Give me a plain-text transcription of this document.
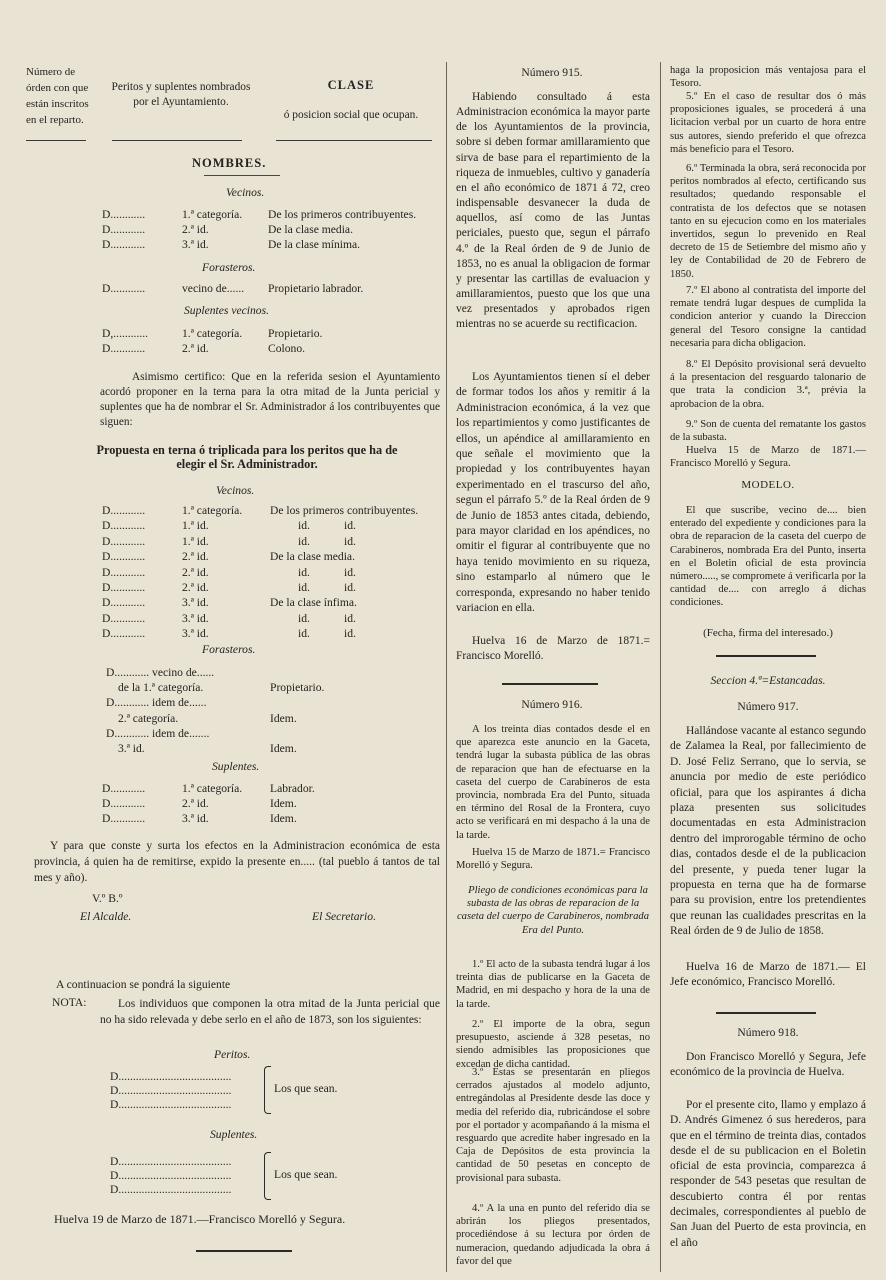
Número de órden con que están inscritos en el reparto.
Peritos y suplentes nombrados por el Ayuntamiento.
CLASE
ó posicion social que ocupan.
NOMBRES.
Vecinos.
D............	1.ª categoría. De los primeros contribuyentes.
D............	2.ª id.	De la clase media.
D............	3.ª id.	De la clase mínima.
Forasteros.
D............	vecino de...... Propietario labrador.
Suplentes vecinos.
D,............	1.ª categoría. Propietario.
D............	2.ª id.	Colono.
Asimismo certifico: Que en la referida sesion el Ayuntamiento acordó proponer en la terna para la otra mitad de la Junta pericial y suplentes que ha de nombrar el Sr. Administrador á los contribuyentes que siguen:
Propuesta en terna ó triplicada para los peritos que ha de elegir el Sr. Administrador.
Vecinos.
D............	1.ª categoría. De los primeros contribuyentes.
D............	1.ª id.	id.	id.
D............	1.ª id.	id.	id.
D............	2.ª id.	De la clase media.
D............	2.ª id.	id.	id.
D............	2.ª id.	id.	id.
D............	3.ª id.	De la clase ínfima.
D............	3.ª id.	id.	id.
D............	3.ª id.	id.	id.
Forasteros.
D............ vecino de......
de la 1.ª categoría.	Propietario.
D............ idem de......
2.ª categoría.	Idem.
D............ idem de.......
3.ª id.	Idem.
Suplentes.
D............	1.ª categoría. Labrador.
D............	2.ª id.	Idem.
D............	3.ª id.	Idem.
Y para que conste y surta los efectos en la Administracion económica de esta provincia, á quien ha de remitirse, expido la presente en..... (tal pueblo á tantos de tal mes y año).
V.º B.º
El Alcalde.	El Secretario.
A continuacion se pondrá la siguiente
NOTA:	Los individuos que componen la otra mitad de la Junta pericial que no ha sido relevada y debe serlo en el año de 1873, son los siguientes:
Peritos.
D.......................................
D.......................................
D.......................................
Los que sean.
Suplentes.
D.......................................
D.......................................
D.......................................
Los que sean.
Huelva 19 de Marzo de 1871.—Francisco Morelló y Segura.
Número 915.
Habiendo consultado á esta Administracion económica la mayor parte de los Ayuntamientos de la provincia, sobre si deben formar amillaramiento que sirva de base para el repartimiento de la riqueza de inmuebles, cultivo y ganadería en el año económico de 1871 á 72, creo indispensable desvanecer la duda de aquellos, así como de las Juntas periciales, puesto que, segun el párrafo 4.º de la Real órden de 9 de Junio de 1853, no es anual la obligacion de formar y presentar las cartillas de evaluacion y amillaramientos, puesto que los que una vez presentados y aprobados rigen mientras no se acuerde su rectificacion.
Los Ayuntamientos tienen sí el deber de formar todos los años y remitir á la Administracion económica, á la vez que los repartimientos y como justificantes de ellos, un apéndice al amillaramiento en que señale el movimiento que la propiedad y los contribuyentes hayan experimentado en el trascurso del año, segun el párrafo 5.º de la Real órden de 9 de Junio de 1853 antes citada, debiendo, para mayor claridad en los apéndices, no omitir el figurar al contribuyente que no haya tenido movimiento en su riqueza, sino estamparlo al número que le corresponda, expresando no haber tenido variacion en ella.
Huelva 16 de Marzo de 1871.= Francisco Morelló.
Número 916.
A los treinta dias contados desde el en que aparezca este anuncio en la Gaceta, tendrá lugar la subasta pública de las obras de reparacion que han de efectuarse en la caseta del cuerpo de Carabineros de esta provincia, nombrada Era del Punto, situada en término del Rosal de la Frontera, cuyo acto se verificará en mi despacho á la una de la tarde.
Huelva 15 de Marzo de 1871.= Francisco Morelló y Segura.
Pliego de condiciones económicas para la subasta de las obras de reparacion de la caseta del cuerpo de Carabineros, nombrada Era del Punto.
1.º El acto de la subasta tendrá lugar á los treinta dias de publicarse en la Gaceta de Madrid, en mi despacho y hora de la una de la tarde.
2.º El importe de la obra, segun presupuesto, asciende á 328 pesetas, no siendo admisibles las proposiciones que excedan de dicha cantidad.
3.º Estas se presentarán en pliegos cerrados ajustados al modelo adjunto, entregándolas al Presidente desde las doce y media del referido dia, rubricándose el sobre por el portador y acompañando á la misma el resguardo que acredite haber ingresado en la Caja de Depósitos de esta provincia la cantidad de 50 pesetas en concepto de provisional para subasta.
4.º A la una en punto del referido dia se abrirán los pliegos presentados, procediéndose á su lectura por órden de numeracion, quedando adjudicada la obra á favor del que
haga la proposicion más ventajosa para el Tesoro.
5.º En el caso de resultar dos ó más proposiciones iguales, se procederá á una licitacion verbal por un cuarto de hora entre sus autores, siendo preferido el que ofrezca más beneficio para el Tesoro.
6.º Terminada la obra, será reconocida por peritos nombrados al efecto, certificando sus resultados; quedando responsable el contratista de los defectos que se notasen tanto en su ejecucion como en los materiales invertidos, segun lo prevenido en Real decreto de 15 de Setiembre del mismo año y ley de Contabilidad de 20 de Febrero de 1850.
7.º El abono al contratista del importe del remate tendrá lugar despues de cumplida la condicion anterior y cuando la Direccion general del Tesoro consigne la cantidad necesaria para dicha obligacion.
8.º El Depósito provisional será devuelto á la presentacion del resguardo talonario de que trata la condicion 3.ª, prévia la aprobacion de la obra.
9.º Son de cuenta del rematante los gastos de la subasta.
Huelva 15 de Marzo de 1871.— Francisco Morelló y Segura.
MODELO.
El que suscribe, vecino de.... bien enterado del expediente y condiciones para la obra de reparacion de la caseta del cuerpo de Carabineros, nombrada Era del Punto, inserta en el Boletin oficial de esta provincia número....., se compromete á verificarla por la cantidad de.... con arreglo á dichas condiciones.
(Fecha, firma del interesado.)
Seccion 4.ª=Estancadas.
Número 917.
Hallándose vacante al estanco segundo de Zalamea la Real, por fallecimiento de D. José Feliz Serrano, que lo servia, se anuncia por medio de este periódico oficial, para que los aspirantes á dicha plaza presenten sus solicitudes documentadas en esta Administracion dentro del improrogable término de ocho dias, contados desde el de la publicacion del presente, y pueda tener lugar la propuesta en terna que ha de formarse para su provision, entre los pretendientes que reunan las cualidades prescritas en la Real órden de 9 de Julio de 1858.
Huelva 16 de Marzo de 1871.— El Jefe económico, Francisco Morelló.
Número 918.
Don Francisco Morelló y Segura, Jefe económico de la provincia de Huelva.
Por el presente cito, llamo y emplazo á D. Andrés Gimenez ó sus herederos, para que en el término de treinta dias, contados desde el de su publicacion en el Boletin oficial de esta provincia, comparezca á responder de 543 pesetas que resultan de descubierto contra él por rentas decimales, correspondientes al pueblo de San Juan del Puerto de esta provincia, en el año
